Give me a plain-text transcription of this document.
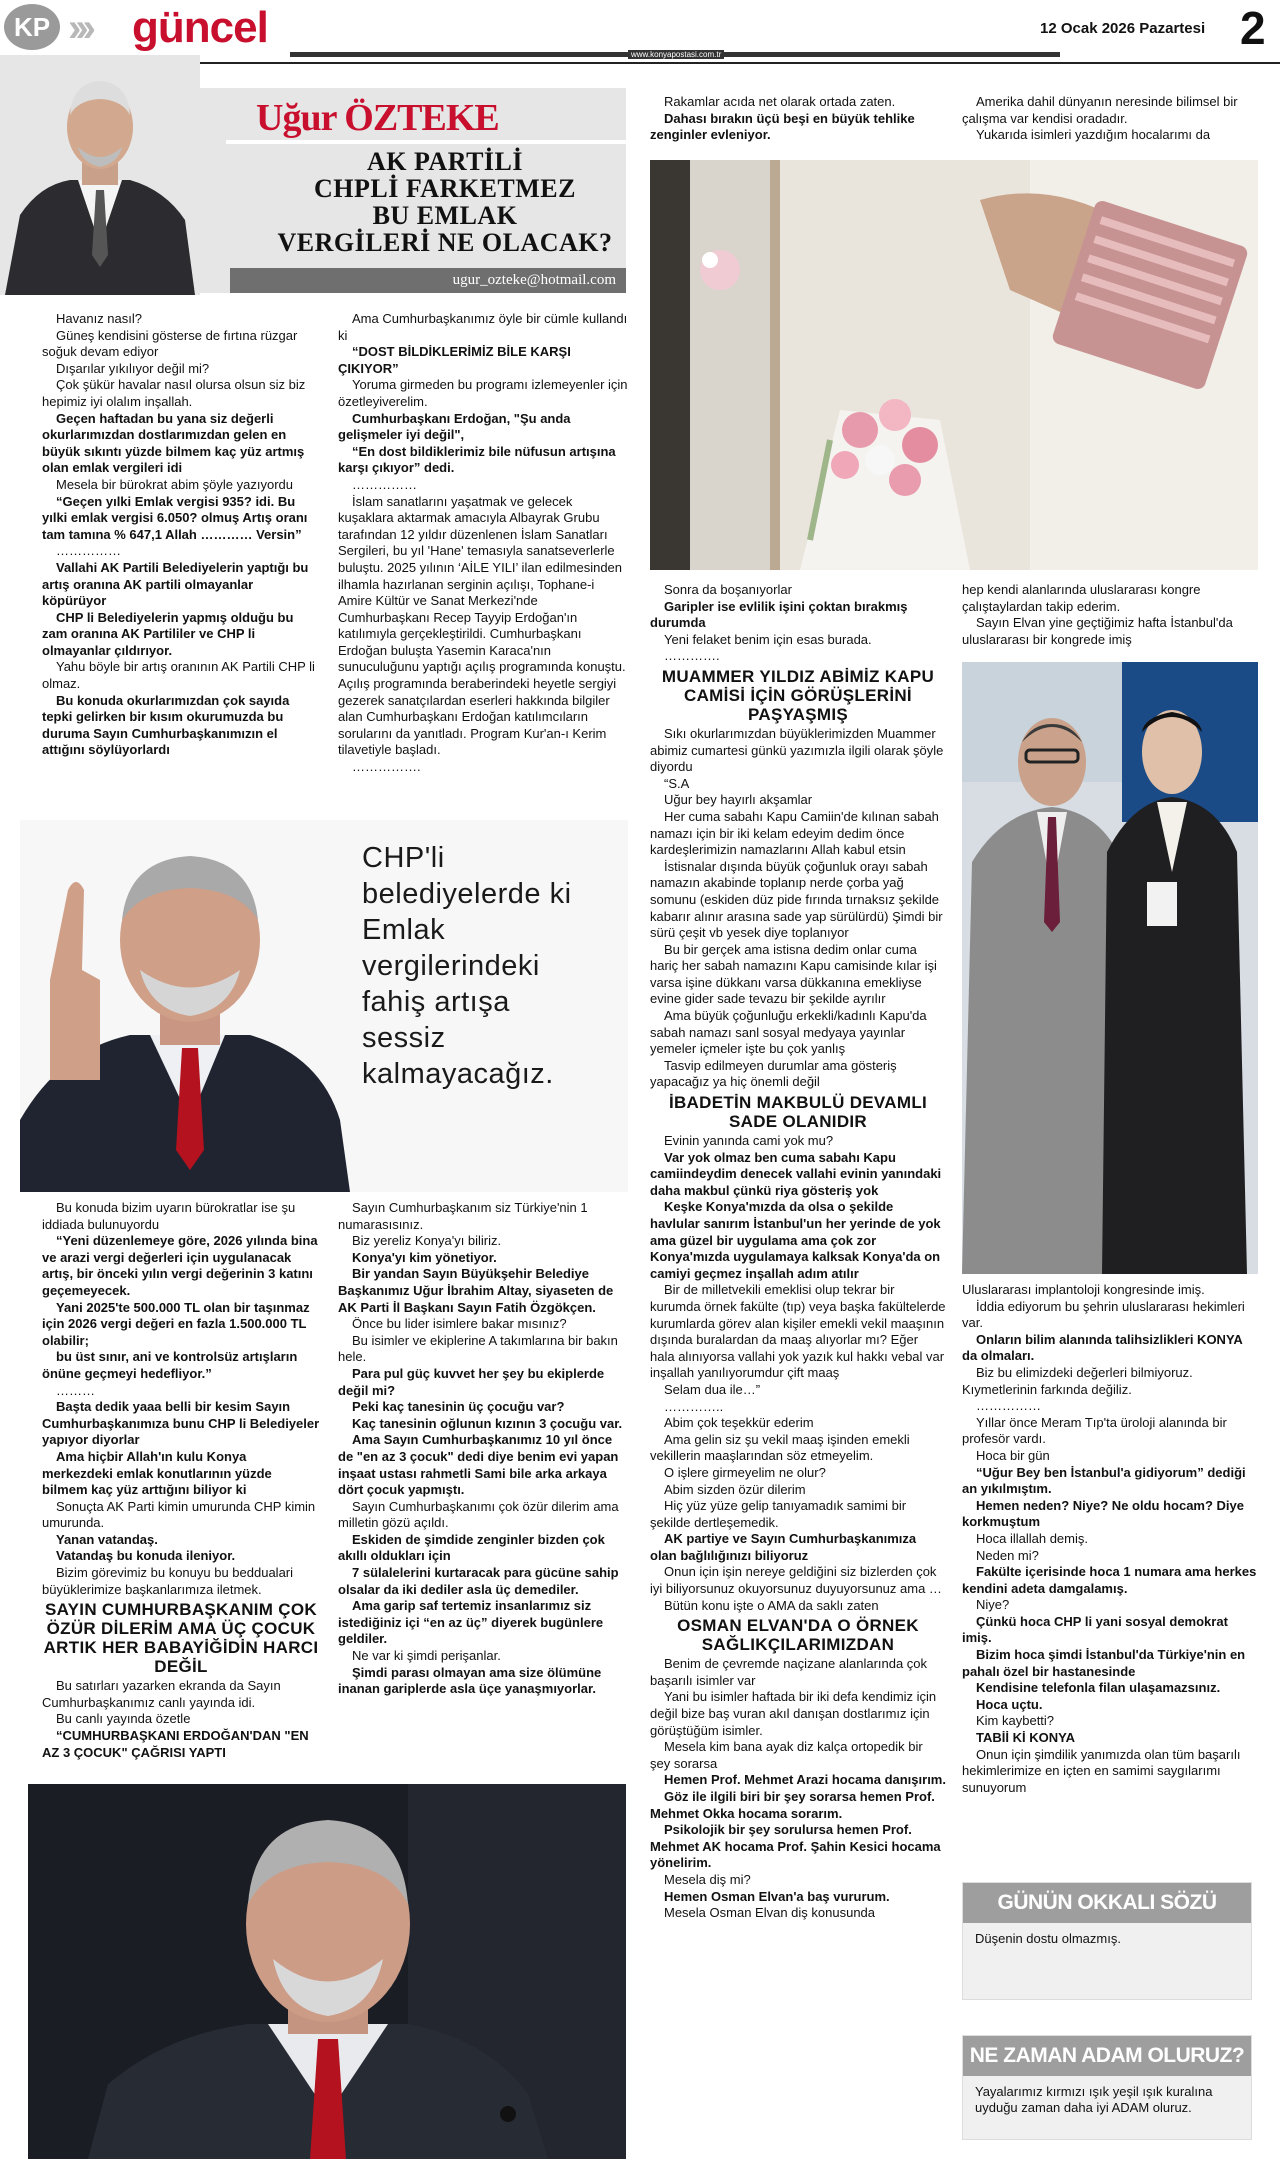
KP ››› güncel
www.konyapostasi.com.tr
12 Ocak 2026 Pazartesi 2
Uğur ÖZTEKE
AK PARTİLİ
CHPLİ FARKETMEZ
BU EMLAK
VERGİLERİ NE OLACAK?
ugur_ozteke@hotmail.com

Havanız nasıl?

Güneş kendisini gösterse de fırtına rüzgar soğuk devam ediyor

Dışarılar yıkılıyor değil mi?

Çok şükür havalar nasıl olursa olsun siz biz hepimiz iyi olalım inşallah.

Geçen haftadan bu yana siz değerli okurlarımızdan dostlarımızdan gelen en büyük sıkıntı yüzde bilmem kaç yüz artmış olan emlak vergileri idi

Mesela bir bürokrat abim şöyle yazıyordu

“Geçen yılki Emlak vergisi 935? idi. Bu yılki emlak vergisi 6.050? olmuş Artış oranı tam tamına % 647,1 Allah ………… Versin”

……………

Vallahi AK Partili Belediyelerin yaptığı bu artış oranına AK partili olmayanlar köpürüyor

CHP li Belediyelerin yapmış olduğu bu zam oranına AK Partililer ve CHP li olmayanlar çıldırıyor.

Yahu böyle bir artış oranının AK Partili CHP li olmaz.

Bu konuda okurlarımızdan çok sayıda tepki gelirken bir kısım okurumuzda bu duruma Sayın Cumhurbaşkanımızın el attığını söylüyorlardı

Ama Cumhurbaşkanımız öyle bir cümle kullandı ki

“DOST BİLDİKLERİMİZ BİLE KARŞI ÇIKIYOR”

Yoruma girmeden bu programı izlemeyenler için özetleyiverelim.

Cumhurbaşkanı Erdoğan, "Şu anda gelişmeler iyi değil",

“En dost bildiklerimiz bile nüfusun artışına karşı çıkıyor” dedi.

……………

İslam sanatlarını yaşatmak ve gelecek kuşaklara aktarmak amacıyla Albayrak Grubu tarafından 12 yıldır düzenlenen İslam Sanatları Sergileri, bu yıl 'Hane' temasıyla sanatseverlerle buluştu. 2025 yılının ‘AİLE YILI’ ilan edilmesinden ilhamla hazırlanan serginin açılışı, Tophane-i Amire Kültür ve Sanat Merkezi'nde Cumhurbaşkanı Recep Tayyip Erdoğan'ın katılımıyla gerçekleştirildi. Cumhurbaşkanı Erdoğan buluşta Yasemin Karaca'nın sunuculuğunu yaptığı açılış programında konuştu. Açılış programında beraberindeki heyetle sergiyi gezerek sanatçılardan eserleri hakkında bilgiler alan Cumhurbaşkanı Erdoğan katılımcıların sorularını da yanıtladı. Program Kur'an-ı Kerim tilavetiyle başladı.

…………….

CHP'li
belediyelerde ki
Emlak
vergilerindeki
fahiş artışa
sessiz
kalmayacağız.

Bu konuda bizim uyarın bürokratlar ise şu iddiada bulunuyordu

“Yeni düzenlemeye göre, 2026 yılında bina ve arazi vergi değerleri için uygulanacak artış, bir önceki yılın vergi değerinin 3 katını geçemeyecek.

Yani 2025'te 500.000 TL olan bir taşınmaz için 2026 vergi değeri en fazla 1.500.000 TL olabilir;

bu üst sınır, ani ve kontrolsüz artışların önüne geçmeyi hedefliyor.”

………

Başta dedik yaaa belli bir kesim Sayın Cumhurbaşkanımıza bunu CHP li Belediyeler yapıyor diyorlar

Ama hiçbir Allah'ın kulu Konya merkezdeki emlak konutlarının yüzde bilmem kaç yüz arttığını biliyor ki

Sonuçta AK Parti kimin umurunda CHP kimin umurunda.

Yanan vatandaş.

Vatandaş bu konuda ileniyor.

Bizim görevimiz bu konuyu bu beddualari büyüklerimize başkanlarımıza iletmek.

SAYIN CUMHURBAŞKANIM ÇOK ÖZÜR DİLERİM AMA ÜÇ ÇOCUK ARTIK HER BABAYİĞİDİN HARCI DEĞİL

Bu satırları yazarken ekranda da Sayın Cumhurbaşkanımız canlı yayında idi.

Bu canlı yayında özetle

“CUMHURBAŞKANI ERDOĞAN'DAN "EN AZ 3 ÇOCUK" ÇAĞRISI YAPTI

Sayın Cumhurbaşkanım siz Türkiye'nin 1 numarasısınız.

Biz yereliz Konya'yı biliriz.

Konya'yı kim yönetiyor.

Bir yandan Sayın Büyükşehir Belediye Başkanımız Uğur İbrahim Altay, siyaseten de AK Parti İl Başkanı Sayın Fatih Özgökçen.

Önce bu lider isimlere bakar mısınız?

Bu isimler ve ekiplerine A takımlarına bir bakın hele.

Para pul güç kuvvet her şey bu ekiplerde değil mi?

Peki kaç tanesinin üç çocuğu var?

Kaç tanesinin oğlunun kızının 3 çocuğu var.

Ama Sayın Cumhurbaşkanımız 10 yıl önce de "en az 3 çocuk" dedi diye benim evi yapan inşaat ustası rahmetli Sami bile arka arkaya dört çocuk yapmıştı.

Sayın Cumhurbaşkanımı çok özür dilerim ama milletin gözü açıldı.

Eskiden de şimdide zenginler bizden çok akıllı oldukları için

7 sülalelerini kurtaracak para gücüne sahip olsalar da iki dediler asla üç demediler.

Ama garip saf tertemiz insanlarımız siz istediğiniz içi “en az üç” diyerek bugünlere geldiler.

Ne var ki şimdi perişanlar.

Şimdi parası olmayan ama size ölümüne inanan gariplerde asla üçe yanaşmıyorlar.

Rakamlar acıda net olarak ortada zaten.

Dahası bırakın üçü beşi en büyük tehlike zenginler evleniyor.

Amerika dahil dünyanın neresinde bilimsel bir çalışma var kendisi oradadır.

Yukarıda isimleri yazdığım hocalarımı da

Sonra da boşanıyorlar

Garipler ise evlilik işini çoktan bırakmış durumda

Yeni felaket benim için esas burada.

………….

MUAMMER YILDIZ ABİMİZ KAPU CAMİSİ İÇİN GÖRÜŞLERİNİ PAŞYAŞMIŞ

Sıkı okurlarımızdan büyüklerimizden Muammer abimiz cumartesi günkü yazımızla ilgili olarak şöyle diyordu

“S.A

Uğur bey hayırlı akşamlar

Her cuma sabahı Kapu Camiin'de kılınan sabah namazı için bir iki kelam edeyim dedim önce kardeşlerimizin namazlarını Allah kabul etsin

İstisnalar dışında büyük çoğunluk orayı sabah namazın akabinde toplanıp nerde çorba yağ somunu (eskiden düz pide fırında tırnaksız şekilde kabarır alınır arasına sade yap sürülürdü) Şimdi bir sürü çeşit vb yesek diye toplanıyor

Bu bir gerçek ama istisna dedim onlar cuma hariç her sabah namazını Kapu camisinde kılar işi varsa işine dükkanı varsa dükkanına emekliyse evine gider sade tevazu bir şekilde ayrılır

Ama büyük çoğunluğu erkekli/kadınlı Kapu'da sabah namazı sanl sosyal medyaya yayınlar yemeler içmeler işte bu çok yanlış

Tasvip edilmeyen durumlar ama gösteriş yapacağız ya hiç önemli değil

İBADETİN MAKBULÜ DEVAMLI SADE OLANIDIR

Evinin yanında cami yok mu?

Var yok olmaz ben cuma sabahı Kapu camiindeydim denecek vallahi evinin yanındaki daha makbul çünkü riya gösteriş yok

Keşke Konya'mızda da olsa o şekilde havlular sanırım İstanbul'un her yerinde de yok ama güzel bir uygulama ama çok zor Konya'mızda uygulamaya kalksak Konya'da on camiyi geçmez inşallah adım atılır

Bir de milletvekili emeklisi olup tekrar bir kurumda örnek fakülte (tıp) veya başka fakültelerde kurumlarda görev alan kişiler emekli vekil maaşının dışında buralardan da maaş alıyorlar mı? Eğer hala alınıyorsa vallahi yok yazık kul hakkı vebal var inşallah yanılıyorumdur çift maaş

Selam dua ile…”

…………..

Abim çok teşekkür ederim

Ama gelin siz şu vekil maaş işinden emekli vekillerin maaşlarından söz etmeyelim.

O işlere girmeyelim ne olur?

Abim sizden özür dilerim

Hiç yüz yüze gelip tanıyamadık samimi bir şekilde dertleşemedik.

AK partiye ve Sayın Cumhurbaşkanımıza olan bağlılığınızı biliyoruz

Onun için işin nereye geldiğini siz bizlerden çok iyi biliyorsunuz okuyorsunuz duyuyorsunuz ama …

Bütün konu işte o AMA da saklı zaten

OSMAN ELVAN'DA O ÖRNEK SAĞLIKÇILARIMIZDAN

Benim de çevremde naçizane alanlarında çok başarılı isimler var

Yani bu isimler haftada bir iki defa kendimiz için değil bize baş vuran akıl danışan dostlarımız için görüştüğüm isimler.

Mesela kim bana ayak diz kalça ortopedik bir şey sorarsa

Hemen Prof. Mehmet Arazi hocama danışırım.

Göz ile ilgili biri bir şey sorarsa hemen Prof. Mehmet Okka hocama sorarım.

Psikolojik bir şey sorulursa hemen Prof. Mehmet AK hocama Prof. Şahin Kesici hocama yönelirim.

Mesela diş mi?

Hemen Osman Elvan'a baş vururum.

Mesela Osman Elvan diş konusunda

hep kendi alanlarında uluslararası kongre çalıştaylardan takip ederim.

Sayın Elvan yine geçtiğimiz hafta İstanbul'da uluslararası bir kongrede imiş

Uluslararası implantoloji kongresinde imiş.

İddia ediyorum bu şehrin uluslararası hekimleri var.

Onların bilim alanında talihsizlikleri KONYA da olmaları.

Biz bu elimizdeki değerleri bilmiyoruz. Kıymetlerinin farkında değiliz.

……………

Yıllar önce Meram Tıp'ta üroloji alanında bir profesör vardı.

Hoca bir gün

“Uğur Bey ben İstanbul'a gidiyorum” dediği an yıkılmıştım.

Hemen neden? Niye? Ne oldu hocam? Diye korkmuştum

Hoca illallah demiş.

Neden mi?

Fakülte içerisinde hoca 1 numara ama herkes kendini adeta damgalamış.

Niye?

Çünkü hoca CHP li yani sosyal demokrat imiş.

Bizim hoca şimdi İstanbul'da Türkiye'nin en pahalı özel bir hastanesinde

Kendisine telefonla filan ulaşamazsınız.

Hoca uçtu.

Kim kaybetti?

TABİİ Kİ KONYA

Onun için şimdilik yanımızda olan tüm başarılı hekimlerimize en içten en samimi saygılarımı sunuyorum

GÜNÜN OKKALI SÖZÜ
Düşenin dostu olmazmış.
NE ZAMAN ADAM OLURUZ?
Yayalarımız kırmızı ışık yeşil ışık kuralına uyduğu zaman daha iyi ADAM oluruz.
